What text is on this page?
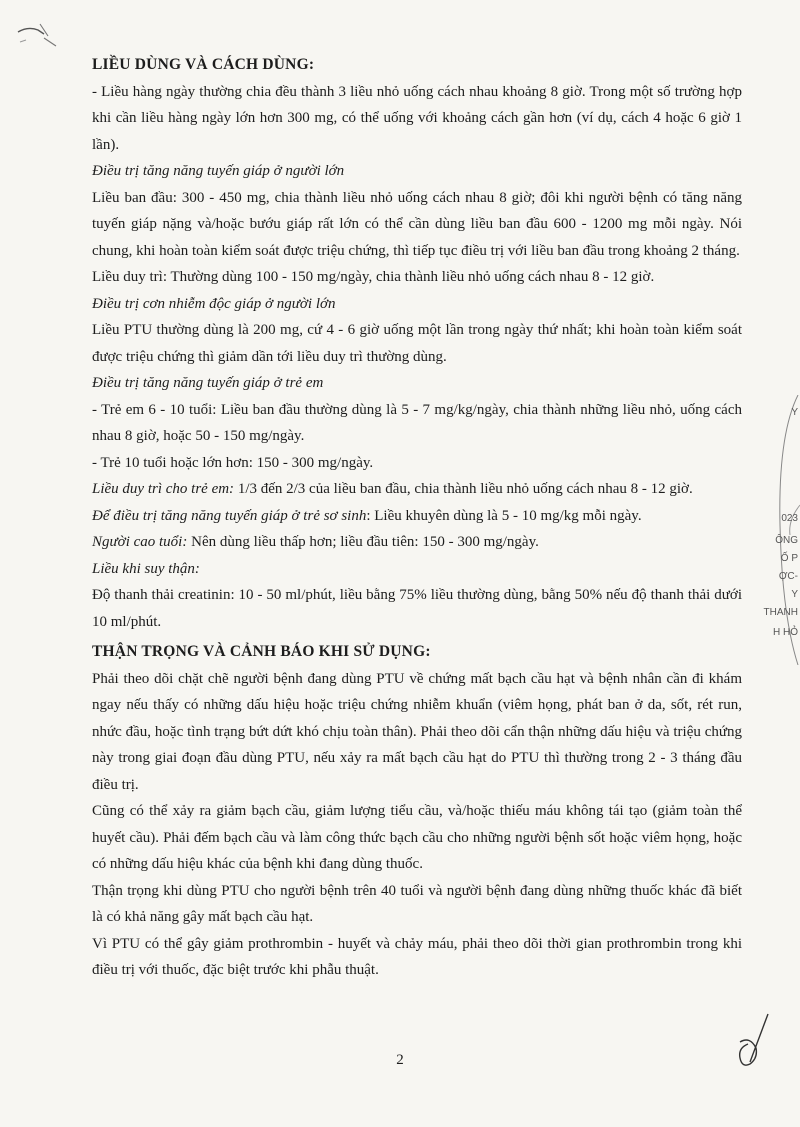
LIỀU DÙNG VÀ CÁCH DÙNG:

- Liều hàng ngày thường chia đều thành 3 liều nhỏ uống cách nhau khoảng 8 giờ. Trong một số trường hợp khi cần liều hàng ngày lớn hơn 300 mg, có thể uống với khoảng cách gần hơn (ví dụ, cách 4 hoặc 6 giờ 1 lần).

Điều trị tăng năng tuyến giáp ở người lớn

Liều ban đầu: 300 - 450 mg, chia thành liều nhỏ uống cách nhau 8 giờ; đôi khi người bệnh có tăng năng tuyến giáp nặng và/hoặc bướu giáp rất lớn có thể cần dùng liều ban đầu 600 - 1200 mg mỗi ngày. Nói chung, khi hoàn toàn kiểm soát được triệu chứng, thì tiếp tục điều trị với liều ban đầu trong khoảng 2 tháng.

Liều duy trì: Thường dùng 100 - 150 mg/ngày, chia thành liều nhỏ uống cách nhau 8 - 12 giờ.

Điều trị cơn nhiễm độc giáp ở người lớn

Liều PTU thường dùng là 200 mg, cứ 4 - 6 giờ uống một lần trong ngày thứ nhất; khi hoàn toàn kiểm soát được triệu chứng thì giảm dần tới liều duy trì thường dùng.

Điều trị tăng năng tuyến giáp ở trẻ em

- Trẻ em 6 - 10 tuổi: Liều ban đầu thường dùng là 5 - 7 mg/kg/ngày, chia thành những liều nhỏ, uống cách nhau 8 giờ, hoặc 50 - 150 mg/ngày.

- Trẻ 10 tuổi hoặc lớn hơn: 150 - 300 mg/ngày.

Liều duy trì cho trẻ em: 1/3 đến 2/3 của liều ban đầu, chia thành liều nhỏ uống cách nhau 8 - 12 giờ.

Để điều trị tăng năng tuyến giáp ở trẻ sơ sinh: Liều khuyên dùng là 5 - 10 mg/kg mỗi ngày.

Người cao tuổi: Nên dùng liều thấp hơn; liều đầu tiên: 150 - 300 mg/ngày.

Liều khi suy thận:

Độ thanh thải creatinin: 10 - 50 ml/phút, liều bằng 75% liều thường dùng, bằng 50% nếu độ thanh thải dưới 10 ml/phút.

THẬN TRỌNG VÀ CẢNH BÁO KHI SỬ DỤNG:

Phải theo dõi chặt chẽ người bệnh đang dùng PTU về chứng mất bạch cầu hạt và bệnh nhân cần đi khám ngay nếu thấy có những dấu hiệu hoặc triệu chứng nhiễm khuẩn (viêm họng, phát ban ở da, sốt, rét run, nhức đầu, hoặc tình trạng bứt dứt khó chịu toàn thân). Phải theo dõi cẩn thận những dấu hiệu và triệu chứng này trong giai đoạn đầu dùng PTU, nếu xảy ra mất bạch cầu hạt do PTU thì thường trong 2 - 3 tháng đầu điều trị.

Cũng có thể xảy ra giảm bạch cầu, giảm lượng tiểu cầu, và/hoặc thiếu máu không tái tạo (giảm toàn thể huyết cầu). Phải đếm bạch cầu và làm công thức bạch cầu cho những người bệnh sốt hoặc viêm họng, hoặc có những dấu hiệu khác của bệnh khi đang dùng thuốc.

Thận trọng khi dùng PTU cho người bệnh trên 40 tuổi và người bệnh đang dùng những thuốc khác đã biết là có khả năng gây mất bạch cầu hạt.

Vì PTU có thể gây giảm prothrombin - huyết và chảy máu, phải theo dõi thời gian prothrombin trong khi điều trị với thuốc, đặc biệt trước khi phẫu thuật.

2
Y
023
ÔNG
Ố P
ỢC-
Y
THANH
H HỎ
